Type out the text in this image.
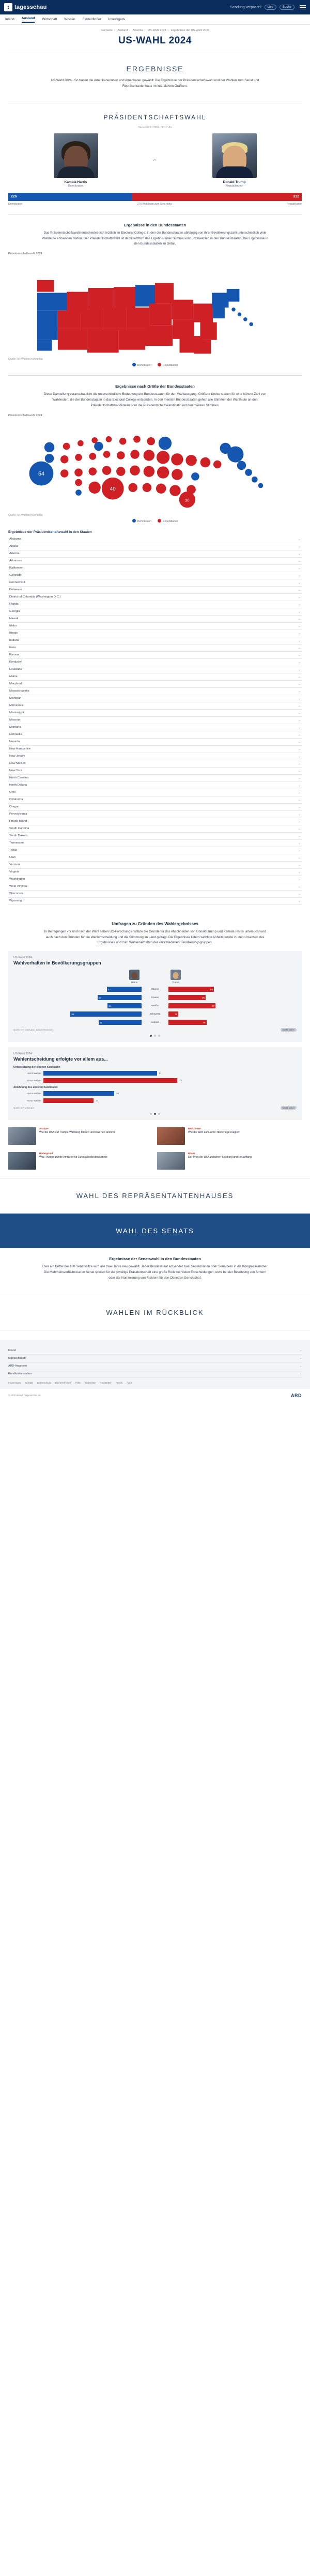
t tagesschau	Sendung verpasst?	Live	Suche
Inland Ausland Wirtschaft Wissen Faktenfinder Investigativ
Startseite › Ausland › Amerika › US-Wahl 2024 › Ergebnisse der US-Wahl 2024
US-WAHL 2024
ERGEBNISSE
US-Wahl 2024 - So haben die Amerikanerinnen und Amerikaner gewählt: Die Ergebnisse der Präsidentschaftswahl und der Wahlen zum Senat und Repräsentantenhaus im interaktiven Grafiken.
PRÄSIDENTSCHAFTSWAHL
Stand: 07.11.2024, 08:11 Uhr
Kamala Harris
Demokraten
vs.
Donald Trump
Republikaner
226	312
Demokraten	270 Wahlleute zum Sieg nötig	Republikaner
Ergebnisse in den Bundesstaaten
Das Präsidentschaftswahl entscheidet sich letztlich im Electoral College: In den die Bundesstaaten abhängig von ihrer Bevölkerungszahl unterschiedlich viele Wahlleute entsenden dürfen. Der Präsidentschaftswahl ist damit letztlich das Ergebnis einer Summe von Einzelwahlen in den Bundesstaaten. Die Ergebnisse in den Bundesstaaten im Detail.
Präsidentschaftswahl 2024
Quelle: AP/Wahlen in Amerika
Demokraten	Republikaner
Ergebnisse nach Größe der Bundesstaaten
Diese Darstellung veranschaulicht die unterschiedliche Bedeutung der Bundesstaaten für den Wahlausgang: Größere Kreise stehen für eine höhere Zahl von Wahlleuten, die der Bundesstaaten in das Electoral College entsenden. In den meisten Bundesstaaten gehen alle Stimmen der Wahlleute an den Präsidentschaftskandidaten oder die Präsidentschaftskandidatin mit den meisten Stimmen.
Präsidentschaftswahl 2024
54
40
30
Quelle: AP/Wahlen in Amerika
Demokraten	Republikaner
Ergebnisse der Präsidentschaftswahl in den Staaten
Alabama	⌄
Alaska	⌄
Arizona	⌄
Arkansas	⌄
Kalifornien	⌄
Colorado	⌄
Connecticut	⌄
Delaware	⌄
District of Columbia (Washington D.C.)	⌄
Florida	⌄
Georgia	⌄
Hawaii	⌄
Idaho	⌄
Illinois	⌄
Indiana	⌄
Iowa	⌄
Kansas	⌄
Kentucky	⌄
Louisiana	⌄
Maine	⌄
Maryland	⌄
Massachusetts	⌄
Michigan	⌄
Minnesota	⌄
Mississippi	⌄
Missouri	⌄
Montana	⌄
Nebraska	⌄
Nevada	⌄
New Hampshire	⌄
New Jersey	⌄
New Mexico	⌄
New York	⌄
North Carolina	⌄
North Dakota	⌄
Ohio	⌄
Oklahoma	⌄
Oregon	⌄
Pennsylvania	⌄
Rhode Island	⌄
South Carolina	⌄
South Dakota	⌄
Tennessee	⌄
Texas	⌄
Utah	⌄
Vermont	⌄
Virginia	⌄
Washington	⌄
West Virginia	⌄
Wisconsin	⌄
Wyoming	⌄
Umfragen zu Gründen des Wahlergebnisses
In Befragungen vor und nach der Wahl haben US-Forschungsinstitute die Gründe für das Abschneiden von Donald Trump und Kamala Harris untersucht und auch nach den Gründen für die Wahlentscheidung und die Stimmung im Land gefragt. Die Ergebnisse liefern wichtige Anhaltspunkte zu den Ursachen des Ergebnisses und zum Wählerverhalten der verschiedenen Bevölkerungsgruppen.
US-Wahl 2024
Wahlverhalten in Bevölkerungsgruppen
Harris	Trump
42	Männer	55
53	Frauen	45
41	Weiße	57
86	Schwarze	12
52	Latinos	46
Quelle: AP VoteCast / Edison Research	Grafik teilen
US-Wahl 2024
Wahlentscheidung erfolgte vor allem aus...
Unterstützung der eigenen Kandidatin
Harris-Wähler	61
Trump-Wähler	72
Ablehnung des anderen Kandidaten
Harris-Wähler	38
Trump-Wähler	27
Quelle: AP VoteCast	Grafik teilen
Analyse
Wie die USA auf Trumps Wahlsieg blicken und was nun ansteht
Reaktionen
Wie die Welt auf Harris' Niederlage reagiert
Hintergrund
Was Trumps zweite Amtszeit für Europa bedeuten könnte
Bilanz
Der Weg der USA zwischen Spaltung und Neuanfang
WAHL DES REPRÄSENTANTENHAUSES
WAHL DES SENATS
Ergebnisse der Senatswahl in den Bundesstaaten
Etwa ein Drittel der 100 Senatssitze wird alle zwei Jahre neu gewählt. Jeder Bundesstaat entsendet zwei Senatorinnen oder Senatoren in die Kongresskammer. Die Mehrheitsverhältnisse im Senat spielen für die jeweilige Präsidentschaft eine große Rolle bei vielen Entscheidungen, etwa bei der Besetzung von Ämtern oder der Nominierung von Richtern für den Obersten Gerichtshof.
WAHLEN IM RÜCKBLICK
Inland	⌄
tagesschau.de	⌄
ARD-Angebote	⌄
Rundfunkanstalten	⌄
Impressum Kontakt Datenschutz Barrierefreiheit Hilfe Bildrechte Newsletter Feeds Apps
© ARD-aktuell / tagesschau.de	ARD
